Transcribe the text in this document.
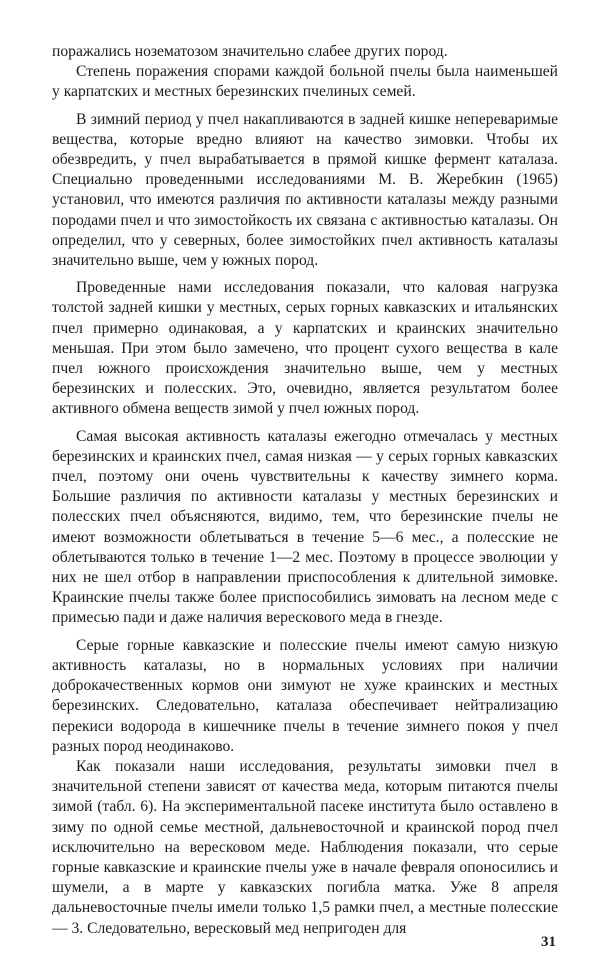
поражались нозематозом значительно слабее других пород.

Степень поражения спорами каждой больной пчелы была наименьшей у карпатских и местных березинских пчелиных семей.

В зимний период у пчел накапливаются в задней кишке непереваримые вещества, которые вредно влияют на качество зимовки. Чтобы их обезвредить, у пчел вырабатывается в прямой кишке фермент каталаза. Специально проведенными исследованиями М. В. Жеребкин (1965) установил, что имеются различия по активности каталазы между разными породами пчел и что зимостойкость их связана с активностью каталазы. Он определил, что у северных, более зимостойких пчел активность каталазы значительно выше, чем у южных пород.

Проведенные нами исследования показали, что каловая нагрузка толстой задней кишки у местных, серых горных кавказских и итальянских пчел примерно одинаковая, а у карпатских и краинских значительно меньшая. При этом было замечено, что процент сухого вещества в кале пчел южного происхождения значительно выше, чем у местных березинских и полесских. Это, очевидно, является результатом более активного обмена веществ зимой у пчел южных пород.

Самая высокая активность каталазы ежегодно отмечалась у местных березинских и краинских пчел, самая низкая — у серых горных кавказских пчел, поэтому они очень чувствительны к качеству зимнего корма. Большие различия по активности каталазы у местных березинских и полесских пчел объясняются, видимо, тем, что березинские пчелы не имеют возможности облетываться в течение 5—6 мес., а полесские не облетываются только в течение 1—2 мес. Поэтому в процессе эволюции у них не шел отбор в направлении приспособления к длительной зимовке. Краинские пчелы также более приспособились зимовать на лесном меде с примесью пади и даже наличия верескового меда в гнезде.

Серые горные кавказские и полесские пчелы имеют самую низкую активность каталазы, но в нормальных условиях при наличии доброкачественных кормов они зимуют не хуже краинских и местных березинских. Следовательно, каталаза обеспечивает нейтрализацию перекиси водорода в кишечнике пчелы в течение зимнего покоя у пчел разных пород неодинаково.

Как показали наши исследования, результаты зимовки пчел в значительной степени зависят от качества меда, которым питаются пчелы зимой (табл. 6). На экспериментальной пасеке института было оставлено в зиму по одной семье местной, дальневосточной и краинской пород пчел исключительно на вересковом меде. Наблюдения показали, что серые горные кавказские и краинские пчелы уже в начале февраля опоносились и шумели, а в марте у кавказских погибла матка. Уже 8 апреля дальневосточные пчелы имели только 1,5 рамки пчел, а местные полесские — 3. Следовательно, вересковый мед непригоден для

31
